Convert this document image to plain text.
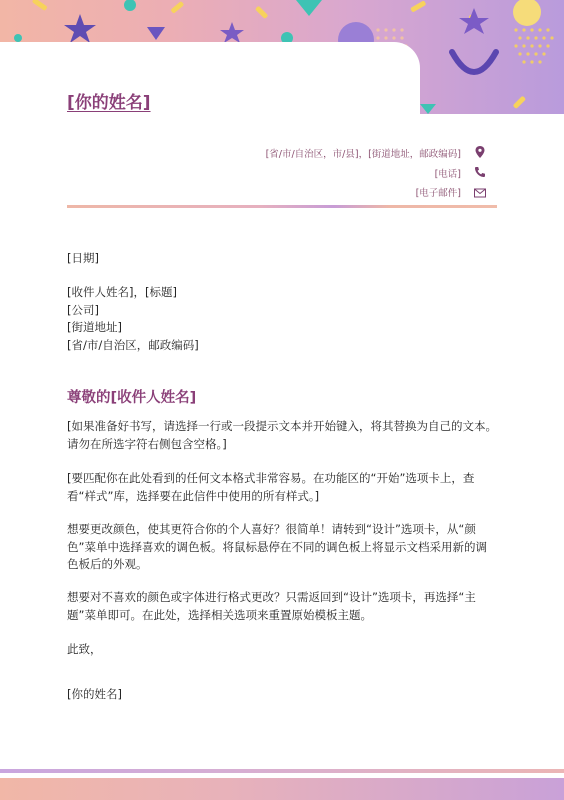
[你的姓名]
[省/市/自治区，市/县]，[街道地址，邮政编码]
[电话]
[电子邮件]
[日期]
[收件人姓名]，[标题]
[公司]
[街道地址]
[省/市/自治区，邮政编码]
尊敬的[收件人姓名]
[如果准备好书写，请选择一行或一段提示文本并开始键入，将其替换为自己的文本。请勿在所选字符右侧包含空格。]
[要匹配你在此处看到的任何文本格式非常容易。在功能区的“开始”选项卡上，查看“样式”库，选择要在此信件中使用的所有样式。]
想要更改颜色，使其更符合你的个人喜好？很简单！请转到“设计”选项卡，从“颜色”菜单中选择喜欢的调色板。将鼠标悬停在不同的调色板上将显示文档采用新的调色板后的外观。
想要对不喜欢的颜色或字体进行格式更改？只需返回到“设计”选项卡，再选择“主题”菜单即可。在此处，选择相关选项来重置原始模板主题。
此致，
[你的姓名]
